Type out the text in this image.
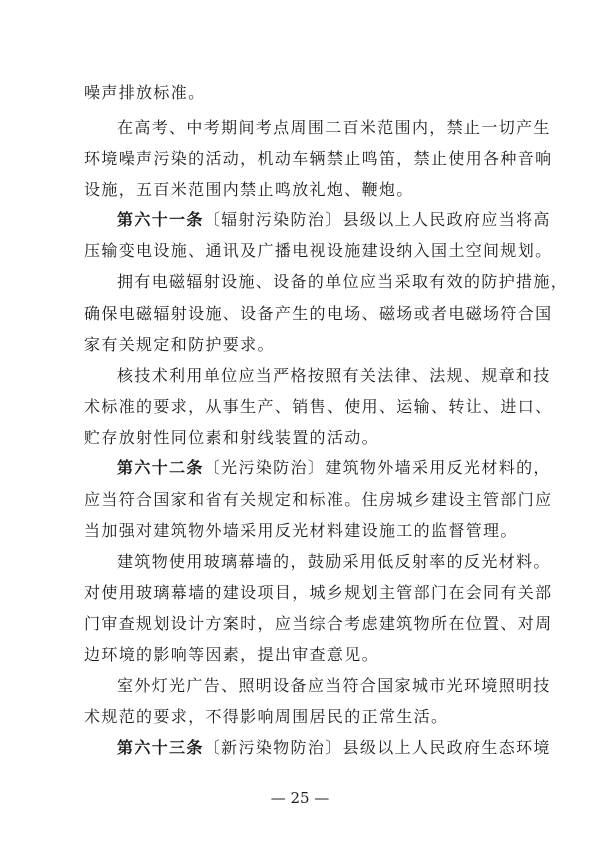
噪声排放标准。
在高考、中考期间考点周围二百米范围内，禁止一切产生
环境噪声污染的活动，机动车辆禁止鸣笛，禁止使用各种音响
设施，五百米范围内禁止鸣放礼炮、鞭炮。
第六十一条〔辐射污染防治〕县级以上人民政府应当将高
压输变电设施、通讯及广播电视设施建设纳入国土空间规划。
拥有电磁辐射设施、设备的单位应当采取有效的防护措施，
确保电磁辐射设施、设备产生的电场、磁场或者电磁场符合国
家有关规定和防护要求。
核技术利用单位应当严格按照有关法律、法规、规章和技
术标准的要求，从事生产、销售、使用、运输、转让、进口、
贮存放射性同位素和射线装置的活动。
第六十二条〔光污染防治〕建筑物外墙采用反光材料的，
应当符合国家和省有关规定和标准。住房城乡建设主管部门应
当加强对建筑物外墙采用反光材料建设施工的监督管理。
建筑物使用玻璃幕墙的，鼓励采用低反射率的反光材料。
对使用玻璃幕墙的建设项目，城乡规划主管部门在会同有关部
门审查规划设计方案时，应当综合考虑建筑物所在位置、对周
边环境的影响等因素，提出审查意见。
室外灯光广告、照明设备应当符合国家城市光环境照明技
术规范的要求，不得影响周围居民的正常生活。
第六十三条〔新污染物防治〕县级以上人民政府生态环境
— 25 —
